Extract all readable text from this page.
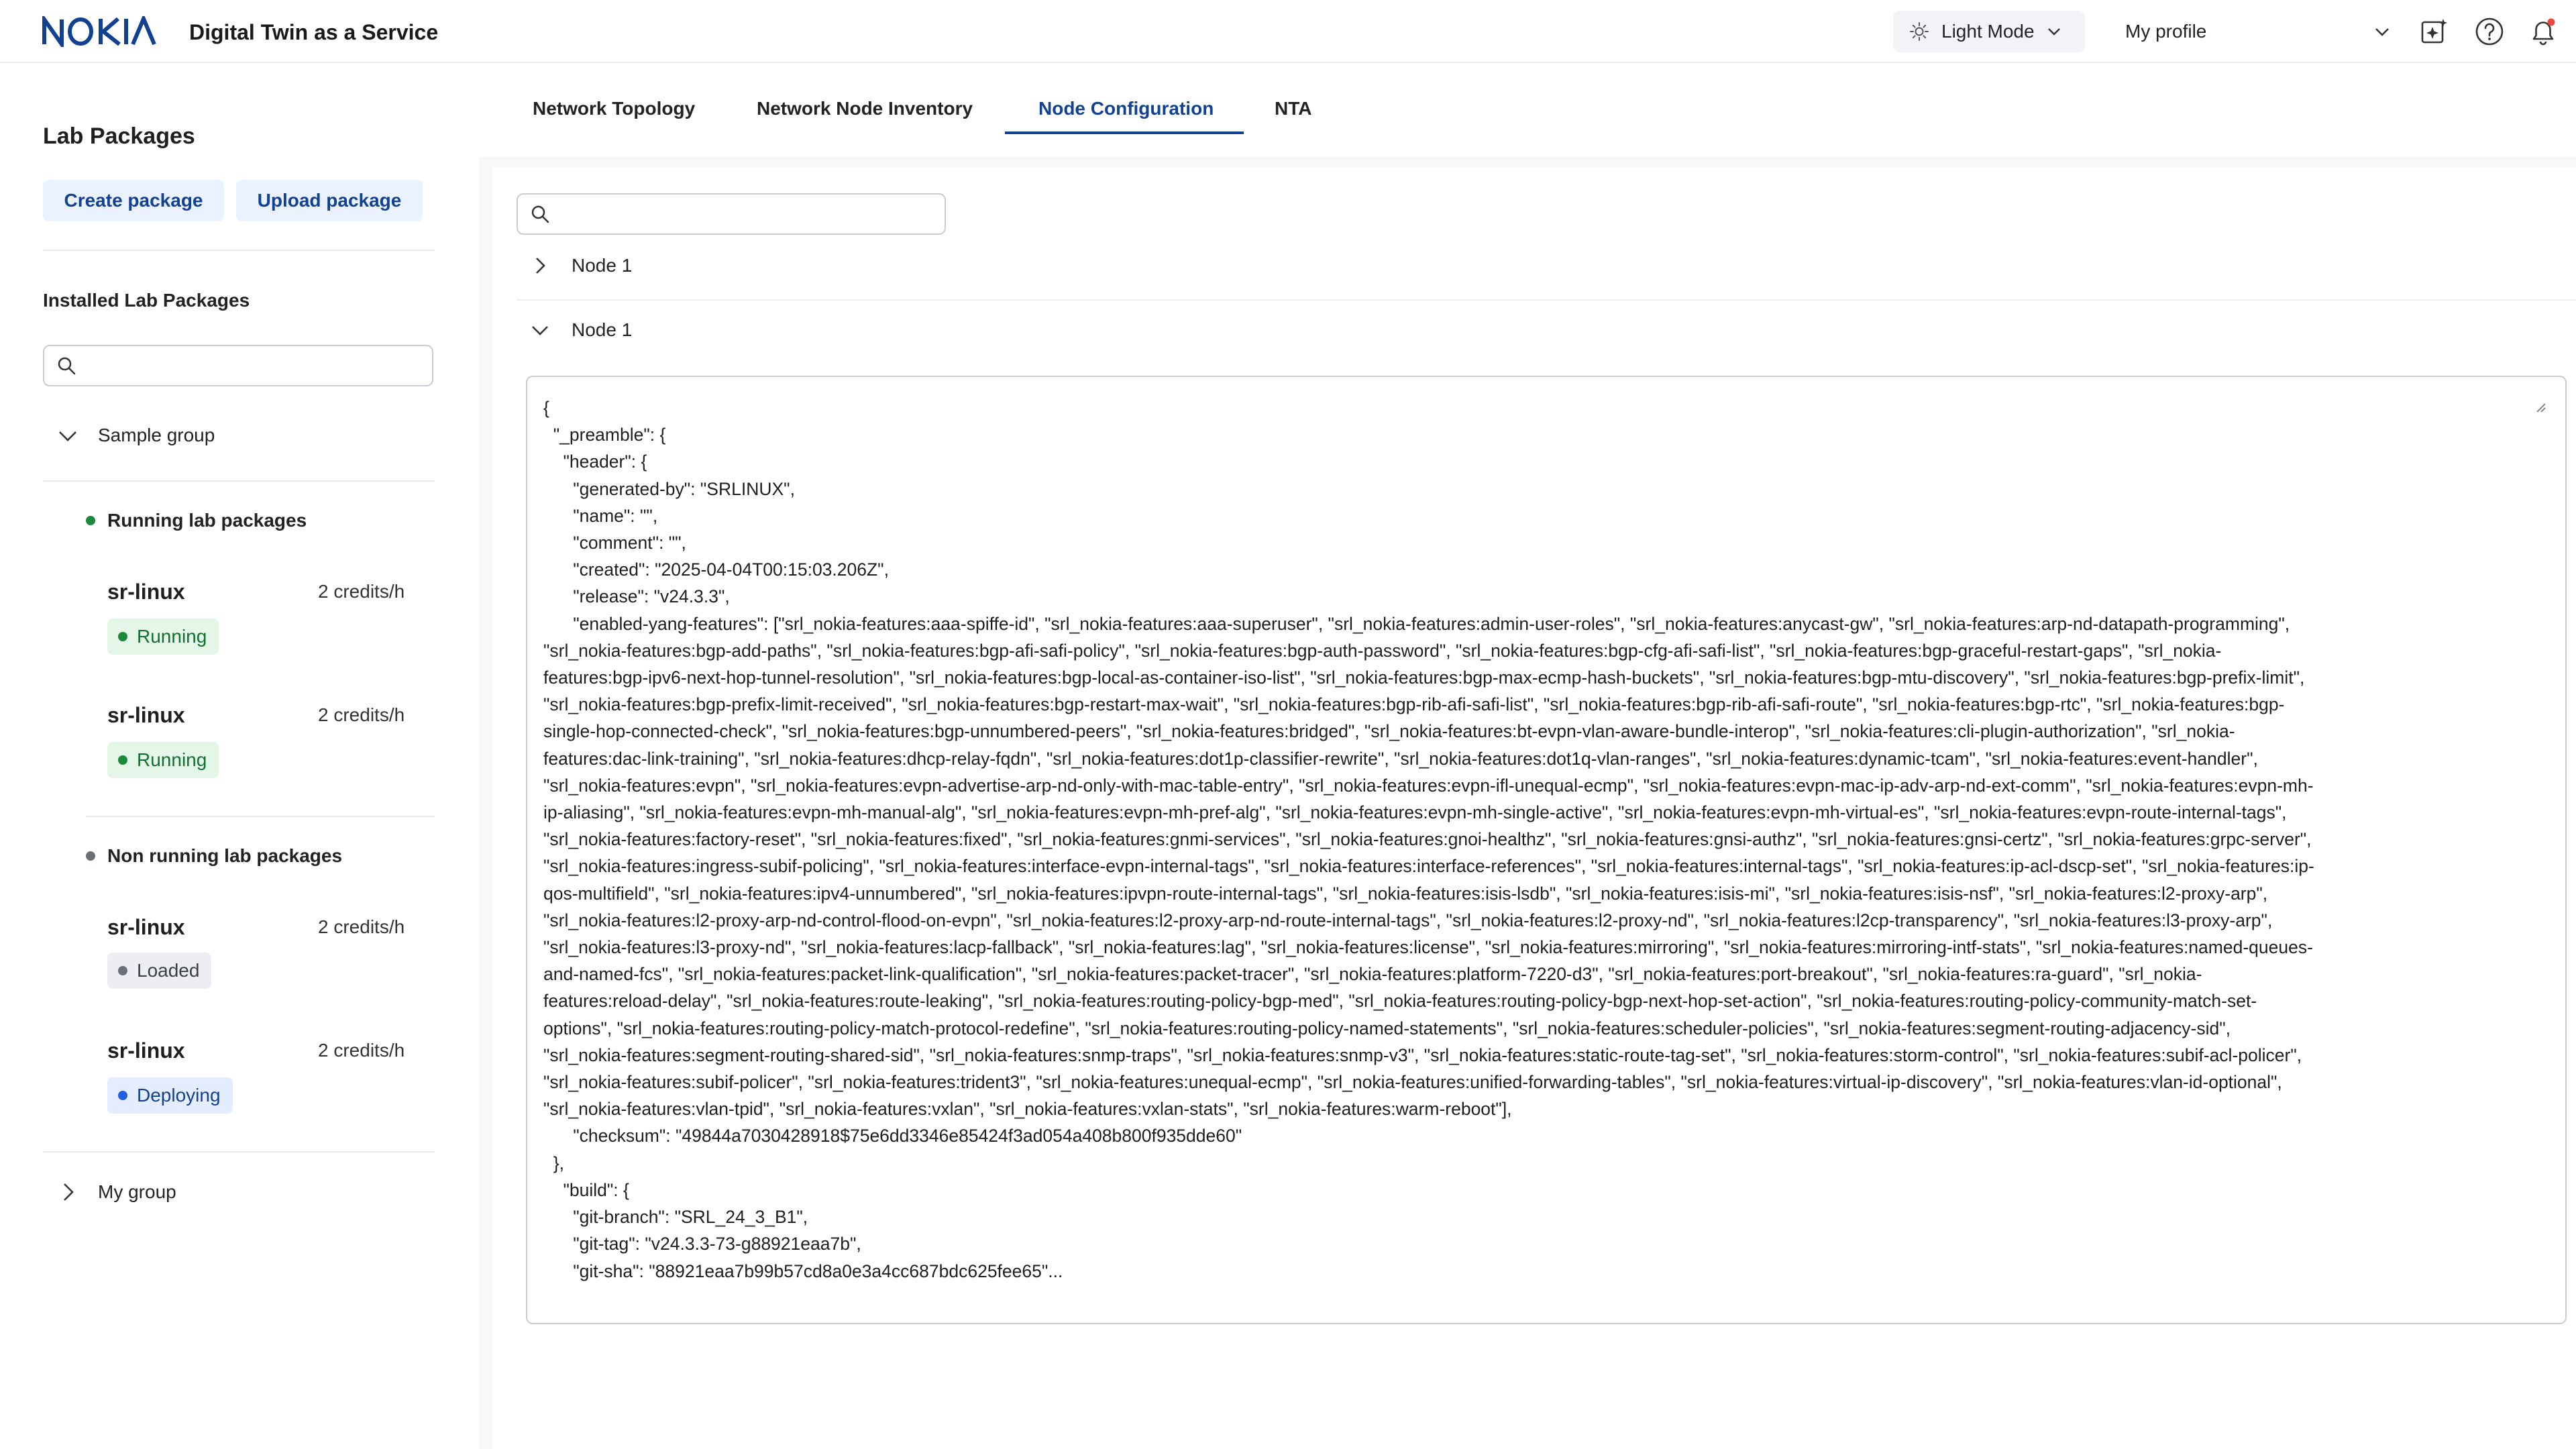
Digital Twin as a Service	Light Mode	My profile
Lab Packages
Create package	Upload package
Installed Lab Packages
Sample group
Running lab packages
sr-linux	2 credits/h
Running
sr-linux	2 credits/h
Running
Non running lab packages
sr-linux	2 credits/h
Loaded
sr-linux	2 credits/h
Deploying
My group
Network Topology	Network Node Inventory	Node Configuration	NTA
Node 1
Node 1
{
"_preamble": {
"header": {
"generated-by": "SRLINUX",
"name": "",
"comment": "",
"created": "2025-04-04T00:15:03.206Z",
"release": "v24.3.3",
"enabled-yang-features": ["srl_nokia-features:aaa-spiffe-id", "srl_nokia-features:aaa-superuser", "srl_nokia-features:admin-user-roles", "srl_nokia-features:anycast-gw", "srl_nokia-features:arp-nd-datapath-programming",
"srl_nokia-features:bgp-add-paths", "srl_nokia-features:bgp-afi-safi-policy", "srl_nokia-features:bgp-auth-password", "srl_nokia-features:bgp-cfg-afi-safi-list", "srl_nokia-features:bgp-graceful-restart-gaps", "srl_nokia-
features:bgp-ipv6-next-hop-tunnel-resolution", "srl_nokia-features:bgp-local-as-container-iso-list", "srl_nokia-features:bgp-max-ecmp-hash-buckets", "srl_nokia-features:bgp-mtu-discovery", "srl_nokia-features:bgp-prefix-limit",
"srl_nokia-features:bgp-prefix-limit-received", "srl_nokia-features:bgp-restart-max-wait", "srl_nokia-features:bgp-rib-afi-safi-list", "srl_nokia-features:bgp-rib-afi-safi-route", "srl_nokia-features:bgp-rtc", "srl_nokia-features:bgp-
single-hop-connected-check", "srl_nokia-features:bgp-unnumbered-peers", "srl_nokia-features:bridged", "srl_nokia-features:bt-evpn-vlan-aware-bundle-interop", "srl_nokia-features:cli-plugin-authorization", "srl_nokia-
features:dac-link-training", "srl_nokia-features:dhcp-relay-fqdn", "srl_nokia-features:dot1p-classifier-rewrite", "srl_nokia-features:dot1q-vlan-ranges", "srl_nokia-features:dynamic-tcam", "srl_nokia-features:event-handler",
"srl_nokia-features:evpn", "srl_nokia-features:evpn-advertise-arp-nd-only-with-mac-table-entry", "srl_nokia-features:evpn-ifl-unequal-ecmp", "srl_nokia-features:evpn-mac-ip-adv-arp-nd-ext-comm", "srl_nokia-features:evpn-mh-
ip-aliasing", "srl_nokia-features:evpn-mh-manual-alg", "srl_nokia-features:evpn-mh-pref-alg", "srl_nokia-features:evpn-mh-single-active", "srl_nokia-features:evpn-mh-virtual-es", "srl_nokia-features:evpn-route-internal-tags",
"srl_nokia-features:factory-reset", "srl_nokia-features:fixed", "srl_nokia-features:gnmi-services", "srl_nokia-features:gnoi-healthz", "srl_nokia-features:gnsi-authz", "srl_nokia-features:gnsi-certz", "srl_nokia-features:grpc-server",
"srl_nokia-features:ingress-subif-policing", "srl_nokia-features:interface-evpn-internal-tags", "srl_nokia-features:interface-references", "srl_nokia-features:internal-tags", "srl_nokia-features:ip-acl-dscp-set", "srl_nokia-features:ip-
qos-multifield", "srl_nokia-features:ipv4-unnumbered", "srl_nokia-features:ipvpn-route-internal-tags", "srl_nokia-features:isis-lsdb", "srl_nokia-features:isis-mi", "srl_nokia-features:isis-nsf", "srl_nokia-features:l2-proxy-arp",
"srl_nokia-features:l2-proxy-arp-nd-control-flood-on-evpn", "srl_nokia-features:l2-proxy-arp-nd-route-internal-tags", "srl_nokia-features:l2-proxy-nd", "srl_nokia-features:l2cp-transparency", "srl_nokia-features:l3-proxy-arp",
"srl_nokia-features:l3-proxy-nd", "srl_nokia-features:lacp-fallback", "srl_nokia-features:lag", "srl_nokia-features:license", "srl_nokia-features:mirroring", "srl_nokia-features:mirroring-intf-stats", "srl_nokia-features:named-queues-
and-named-fcs", "srl_nokia-features:packet-link-qualification", "srl_nokia-features:packet-tracer", "srl_nokia-features:platform-7220-d3", "srl_nokia-features:port-breakout", "srl_nokia-features:ra-guard", "srl_nokia-
features:reload-delay", "srl_nokia-features:route-leaking", "srl_nokia-features:routing-policy-bgp-med", "srl_nokia-features:routing-policy-bgp-next-hop-set-action", "srl_nokia-features:routing-policy-community-match-set-
options", "srl_nokia-features:routing-policy-match-protocol-redefine", "srl_nokia-features:routing-policy-named-statements", "srl_nokia-features:scheduler-policies", "srl_nokia-features:segment-routing-adjacency-sid",
"srl_nokia-features:segment-routing-shared-sid", "srl_nokia-features:snmp-traps", "srl_nokia-features:snmp-v3", "srl_nokia-features:static-route-tag-set", "srl_nokia-features:storm-control", "srl_nokia-features:subif-acl-policer",
"srl_nokia-features:subif-policer", "srl_nokia-features:trident3", "srl_nokia-features:unequal-ecmp", "srl_nokia-features:unified-forwarding-tables", "srl_nokia-features:virtual-ip-discovery", "srl_nokia-features:vlan-id-optional",
"srl_nokia-features:vlan-tpid", "srl_nokia-features:vxlan", "srl_nokia-features:vxlan-stats", "srl_nokia-features:warm-reboot"],
"checksum": "49844a7030428918$75e6dd3346e85424f3ad054a408b800f935dde60"
},
"build": {
"git-branch": "SRL_24_3_B1",
"git-tag": "v24.3.3-73-g88921eaa7b",
"git-sha": "88921eaa7b99b57cd8a0e3a4cc687bdc625fee65"...
